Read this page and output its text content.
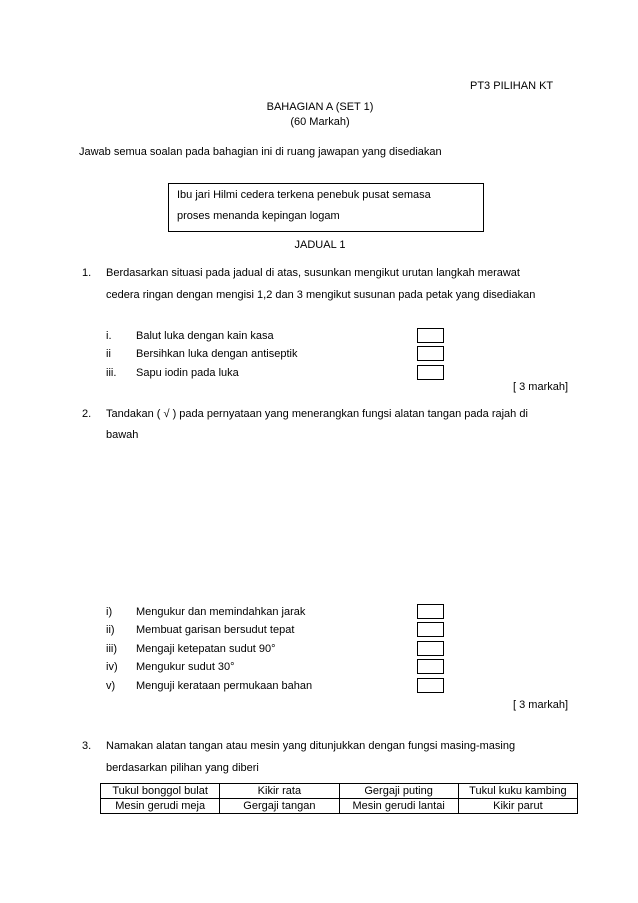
PT3 PILIHAN KT
BAHAGIAN A (SET 1)
(60 Markah)
Jawab semua soalan pada bahagian ini di ruang jawapan yang disediakan
Ibu jari Hilmi cedera terkena penebuk pusat semasa
proses menanda kepingan logam
JADUAL 1
1. Berdasarkan situasi pada jadual di atas, susunkan mengikut urutan langkah merawat
cedera ringan dengan mengisi 1,2 dan 3 mengikut susunan pada petak yang disediakan
i. Balut luka dengan kain kasa
ii Bersihkan luka dengan antiseptik
iii. Sapu iodin pada luka
[ 3 markah]
2. Tandakan ( √ ) pada pernyataan yang menerangkan fungsi alatan tangan pada rajah di
bawah
i) Mengukur dan memindahkan jarak
ii) Membuat garisan bersudut tepat
iii) Mengaji ketepatan sudut 90°
iv) Mengukur sudut 30°
v) Menguji kerataan permukaan bahan
[ 3 markah]
3. Namakan alatan tangan atau mesin yang ditunjukkan dengan fungsi masing-masing
berdasarkan pilihan yang diberi
Tukul bonggol bulat	Kikir rata	Gergaji puting	Tukul kuku kambing
Mesin gerudi meja	Gergaji tangan	Mesin gerudi lantai	Kikir parut
